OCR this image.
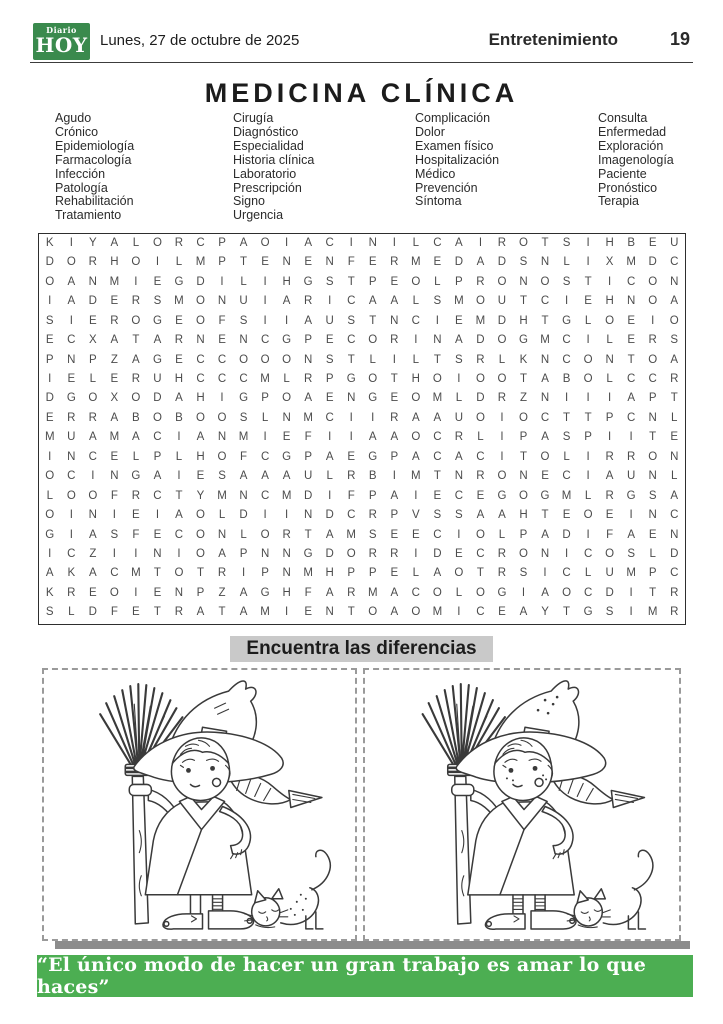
Diario
HOY Lunes, 27 de octubre de 2025	Entretenimiento	19
MEDICINA CLÍNICA
Agudo
Crónico
Epidemiología
Farmacología
Infección
Patología
Rehabilitación
Tratamiento
Cirugía
Diagnóstico
Especialidad
Historia clínica
Laboratorio
Prescripción
Signo
Urgencia
Complicación
Dolor
Examen físico
Hospitalización
Médico
Prevención
Síntoma
Consulta
Enfermedad
Exploración
Imagenología
Paciente
Pronóstico
Terapia
K I Y A L O R C P A O I A C I N I L C A I R O T S I H B E U
D O R H O I L M P T E N E N F E R M E D A D S N L I X M D C
O A N M I E G D I L I H G S T P E O L P R O N O S T I C O N
I A D E R S M O N U I A R I C A A L S M O U T C I E H N O A
S I E R O G E O F S I I A U S T N C I E M D H T G L O E I O
E C X A T A R N E N C G P E C O R I N A D O G M C I L E R S
P N P Z A G E C C O O O N S T L I L T S R L K N C O N T O A
I E L E R U H C C C M L R P G O T H O I O O T A B O L C C R
D G O X O D A H I G P O A E N G E O M L D R Z N I I I A P T
E R R A B O B O O S L N M C I I R A A U O I O C T T P C N L
M U A M A C I A N M I E F I I A A O C R L I P A S P I I T E
I N C E L P L H O F C G P A E G P A C A C I T O L I R R O N
O C I N G A I E S A A A U L R B I M T N R O N E C I A U N L
L O O F R C T Y M N C M D I F P A I E C E G O G M L R G S A
O I N I E I A O L D I I N D C R P V S S A A H T E O E I N C
G I A S F E C O N L O R T A M S E E C I O L P A D I F A E N
I C Z I I N I O A P N N G D O R R I D E C R O N I C O S L D
A K A C M T O T R I P N M H P P E L A O T R S I C L U M P C
K R E O I E N P Z A G H F A R M A C O L O G I A O C D I T R
S L D F E T R A T A M I E N T O A O M I C E A Y T G S I M R
Encuentra las diferencias
“El único modo de hacer un gran trabajo es amar lo que haces”
